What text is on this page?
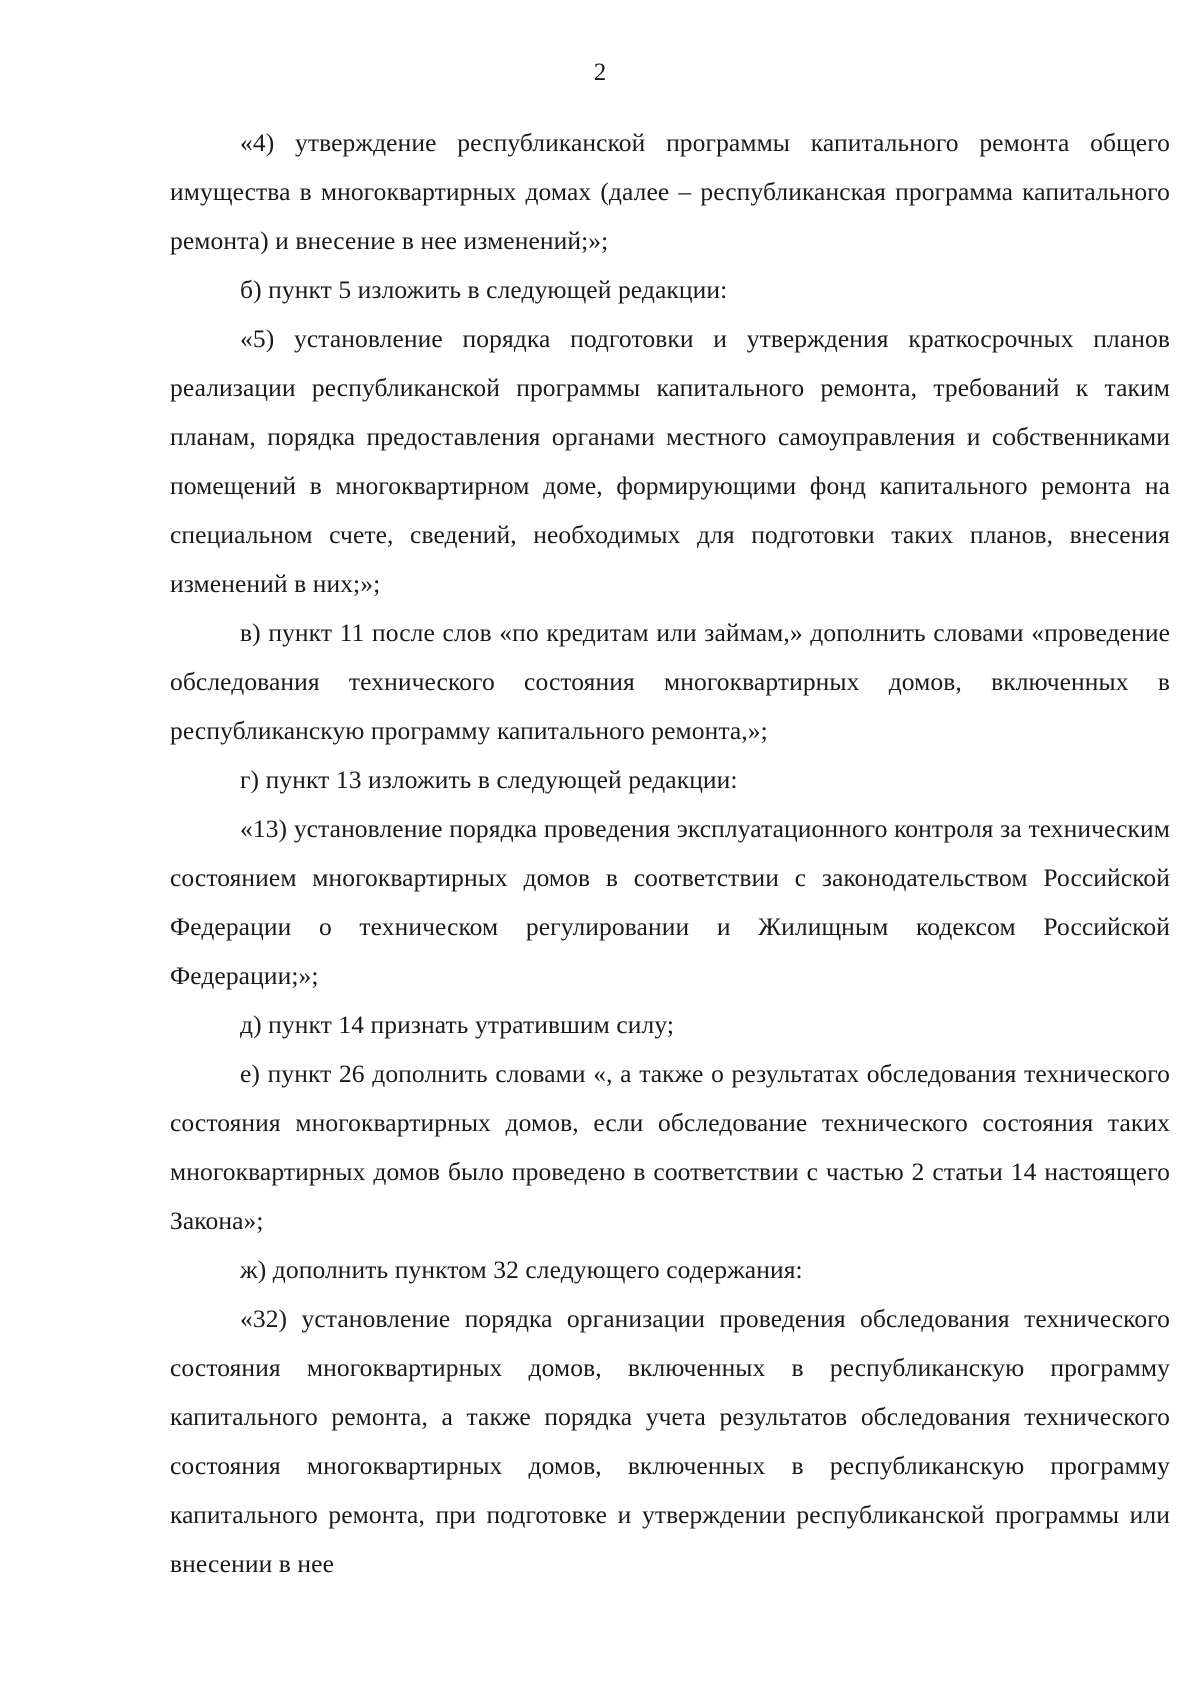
2

«4) утверждение республиканской программы капитального ремонта общего имущества в многоквартирных домах (далее – республиканская программа капитального ремонта) и внесение в нее изменений;»;

б) пункт 5 изложить в следующей редакции:

«5) установление порядка подготовки и утверждения краткосрочных планов реализации республиканской программы капитального ремонта, требований к таким планам, порядка предоставления органами местного самоуправления и собственниками помещений в многоквартирном доме, формирующими фонд капитального ремонта на специальном счете, сведений, необходимых для подготовки таких планов, внесения изменений в них;»;

в) пункт 11 после слов «по кредитам или займам,» дополнить словами «проведение обследования технического состояния многоквартирных домов, включенных в республиканскую программу капитального ремонта,»;

г) пункт 13 изложить в следующей редакции:

«13) установление порядка проведения эксплуатационного контроля за техническим состоянием многоквартирных домов в соответствии с законодательством Российской Федерации о техническом регулировании и Жилищным кодексом Российской Федерации;»;

д) пункт 14 признать утратившим силу;

е) пункт 26 дополнить словами «, а также о результатах обследования технического состояния многоквартирных домов, если обследование технического состояния таких многоквартирных домов было проведено в соответствии с частью 2 статьи 14 настоящего Закона»;

ж) дополнить пунктом 32 следующего содержания:

«32) установление порядка организации проведения обследования технического состояния многоквартирных домов, включенных в республиканскую программу капитального ремонта, а также порядка учета результатов обследования технического состояния многоквартирных домов, включенных в республиканскую программу капитального ремонта, при подготовке и утверждении республиканской программы или внесении в нее
